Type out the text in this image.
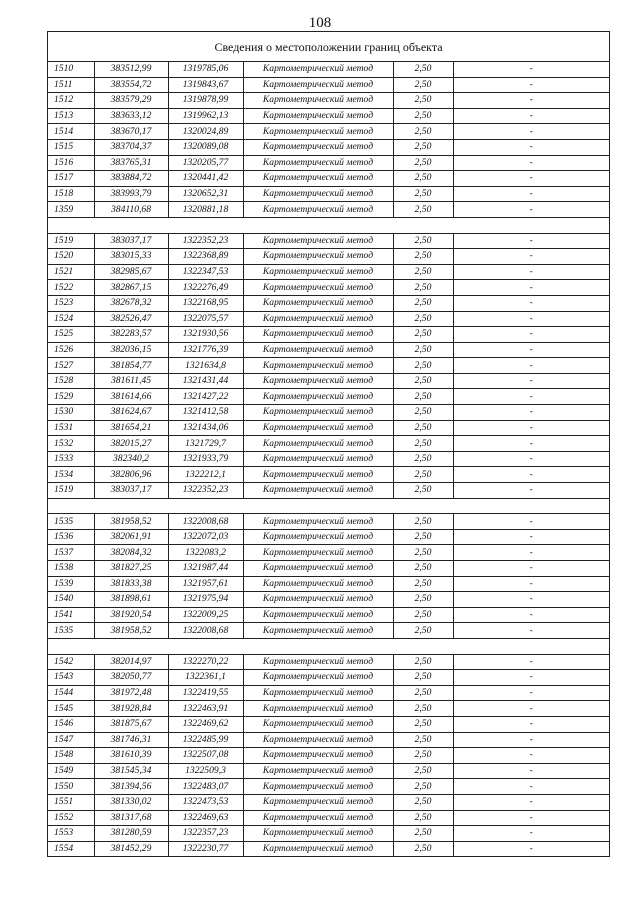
108
Сведения о местоположении границ объекта
1510	383512,99	1319785,06	Картометрический метод	2,50	-
1511	383554,72	1319843,67	Картометрический метод	2,50	-
1512	383579,29	1319878,99	Картометрический метод	2,50	-
1513	383633,12	1319962,13	Картометрический метод	2,50	-
1514	383670,17	1320024,89	Картометрический метод	2,50	-
1515	383704,37	1320089,08	Картометрический метод	2,50	-
1516	383765,31	1320205,77	Картометрический метод	2,50	-
1517	383884,72	1320441,42	Картометрический метод	2,50	-
1518	383993,79	1320652,31	Картометрический метод	2,50	-
1359	384110,68	1320881,18	Картометрический метод	2,50	-

1519	383037,17	1322352,23	Картометрический метод	2,50	-
1520	383015,33	1322368,89	Картометрический метод	2,50	-
1521	382985,67	1322347,53	Картометрический метод	2,50	-
1522	382867,15	1322276,49	Картометрический метод	2,50	-
1523	382678,32	1322168,95	Картометрический метод	2,50	-
1524	382526,47	1322075,57	Картометрический метод	2,50	-
1525	382283,57	1321930,56	Картометрический метод	2,50	-
1526	382036,15	1321776,39	Картометрический метод	2,50	-
1527	381854,77	1321634,8	Картометрический метод	2,50	-
1528	381611,45	1321431,44	Картометрический метод	2,50	-
1529	381614,66	1321427,22	Картометрический метод	2,50	-
1530	381624,67	1321412,58	Картометрический метод	2,50	-
1531	381654,21	1321434,06	Картометрический метод	2,50	-
1532	382015,27	1321729,7	Картометрический метод	2,50	-
1533	382340,2	1321933,79	Картометрический метод	2,50	-
1534	382806,96	1322212,1	Картометрический метод	2,50	-
1519	383037,17	1322352,23	Картометрический метод	2,50	-

1535	381958,52	1322008,68	Картометрический метод	2,50	-
1536	382061,91	1322072,03	Картометрический метод	2,50	-
1537	382084,32	1322083,2	Картометрический метод	2,50	-
1538	381827,25	1321987,44	Картометрический метод	2,50	-
1539	381833,38	1321957,61	Картометрический метод	2,50	-
1540	381898,61	1321975,94	Картометрический метод	2,50	-
1541	381920,54	1322009,25	Картометрический метод	2,50	-
1535	381958,52	1322008,68	Картометрический метод	2,50	-

1542	382014,97	1322270,22	Картометрический метод	2,50	-
1543	382050,77	1322361,1	Картометрический метод	2,50	-
1544	381972,48	1322419,55	Картометрический метод	2,50	-
1545	381928,84	1322463,91	Картометрический метод	2,50	-
1546	381875,67	1322469,62	Картометрический метод	2,50	-
1547	381746,31	1322485,99	Картометрический метод	2,50	-
1548	381610,39	1322507,08	Картометрический метод	2,50	-
1549	381545,34	1322509,3	Картометрический метод	2,50	-
1550	381394,56	1322483,07	Картометрический метод	2,50	-
1551	381330,02	1322473,53	Картометрический метод	2,50	-
1552	381317,68	1322469,63	Картометрический метод	2,50	-
1553	381280,59	1322357,23	Картометрический метод	2,50	-
1554	381452,29	1322230,77	Картометрический метод	2,50	-
